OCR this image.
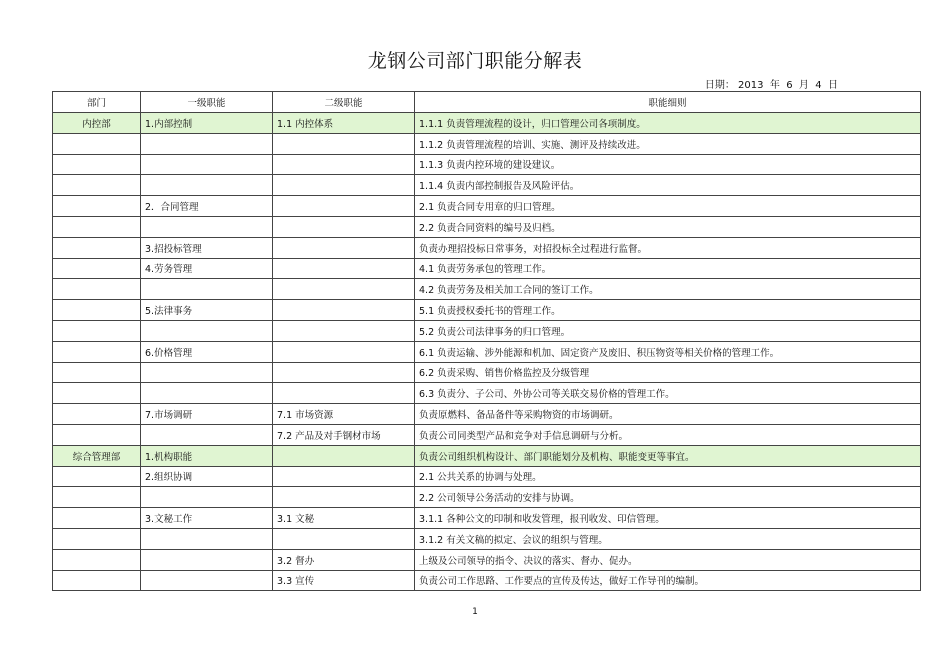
龙钢公司部门职能分解表
日期： 2013  年  6  月  4  日
部门	一级职能	二级职能	职能细则
内控部	1.内部控制	1.1 内控体系	1.1.1 负责管理流程的设计，归口管理公司各项制度。
			1.1.2 负责管理流程的培训、实施、测评及持续改进。
			1.1.3 负责内控环境的建设建议。
			1.1.4 负责内部控制报告及风险评估。
	2．合同管理		2.1 负责合同专用章的归口管理。
			2.2 负责合同资料的编号及归档。
	3.招投标管理		负责办理招投标日常事务，对招投标全过程进行监督。
	4.劳务管理		4.1 负责劳务承包的管理工作。
			4.2 负责劳务及相关加工合同的签订工作。
	5.法律事务		5.1 负责授权委托书的管理工作。
			5.2 负责公司法律事务的归口管理。
	6.价格管理		6.1 负责运输、涉外能源和机加、固定资产及废旧、积压物资等相关价格的管理工作。
			6.2 负责采购、销售价格监控及分级管理
			6.3 负责分、子公司、外协公司等关联交易价格的管理工作。
	7.市场调研	7.1 市场资源	负责原燃料、备品备件等采购物资的市场调研。
		7.2 产品及对手钢材市场	负责公司同类型产品和竞争对手信息调研与分析。
综合管理部	1.机构职能		负责公司组织机构设计、部门职能划分及机构、职能变更等事宜。
	2.组织协调		2.1 公共关系的协调与处理。
			2.2 公司领导公务活动的安排与协调。
	3.文秘工作	3.1 文秘	3.1.1 各种公文的印制和收发管理，报刊收发、印信管理。
			3.1.2 有关文稿的拟定、会议的组织与管理。
		3.2 督办	上级及公司领导的指令、决议的落实、督办、促办。
		3.3 宣传	负责公司工作思路、工作要点的宣传及传达，做好工作导刊的编制。
1
